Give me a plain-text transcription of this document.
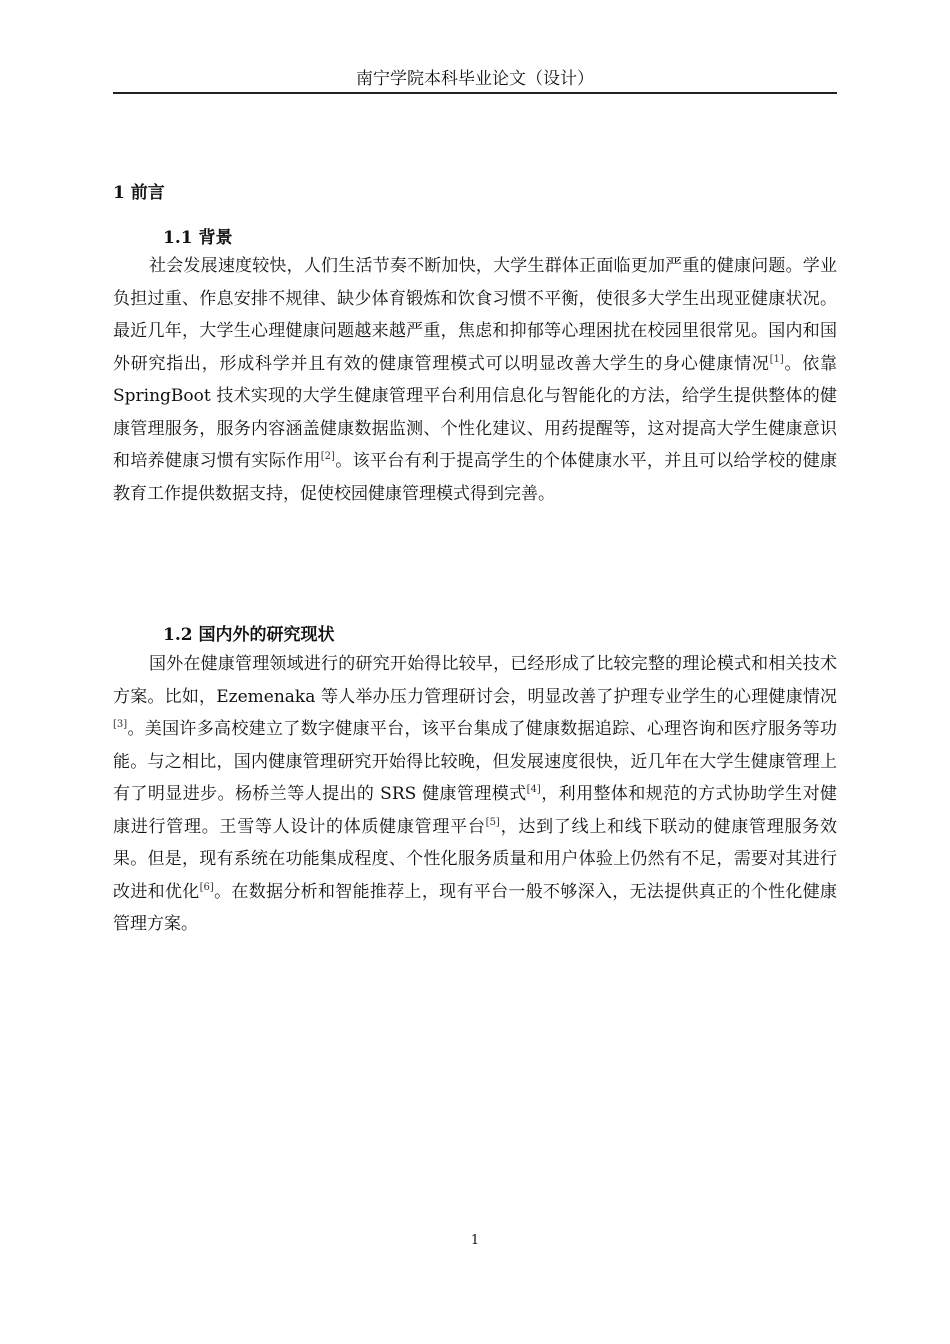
南宁学院本科毕业论文（设计）
1 前言
1.1 背景

社会发展速度较快，人们生活节奏不断加快，大学生群体正面临更加严重的健康问题。学业负担过重、作息安排不规律、缺少体育锻炼和饮食习惯不平衡，使很多大学生出现亚健康状况。最近几年，大学生心理健康问题越来越严重，焦虑和抑郁等心理困扰在校园里很常见。国内和国外研究指出，形成科学并且有效的健康管理模式可以明显改善大学生的身心健康情况[1]。依靠 SpringBoot 技术实现的大学生健康管理平台利用信息化与智能化的方法，给学生提供整体的健康管理服务，服务内容涵盖健康数据监测、个性化建议、用药提醒等，这对提高大学生健康意识和培养健康习惯有实际作用[2]。该平台有利于提高学生的个体健康水平，并且可以给学校的健康教育工作提供数据支持，促使校园健康管理模式得到完善。

1.2 国内外的研究现状

国外在健康管理领域进行的研究开始得比较早，已经形成了比较完整的理论模式和相关技术方案。比如，Ezemenaka 等人举办压力管理研讨会，明显改善了护理专业学生的心理健康情况[3]。美国许多高校建立了数字健康平台，该平台集成了健康数据追踪、心理咨询和医疗服务等功能。与之相比，国内健康管理研究开始得比较晚，但发展速度很快，近几年在大学生健康管理上有了明显进步。杨桥兰等人提出的 SRS 健康管理模式[4]，利用整体和规范的方式协助学生对健康进行管理。王雪等人设计的体质健康管理平台[5]，达到了线上和线下联动的健康管理服务效果。但是，现有系统在功能集成程度、个性化服务质量和用户体验上仍然有不足，需要对其进行改进和优化[6]。在数据分析和智能推荐上，现有平台一般不够深入，无法提供真正的个性化健康管理方案。

1
